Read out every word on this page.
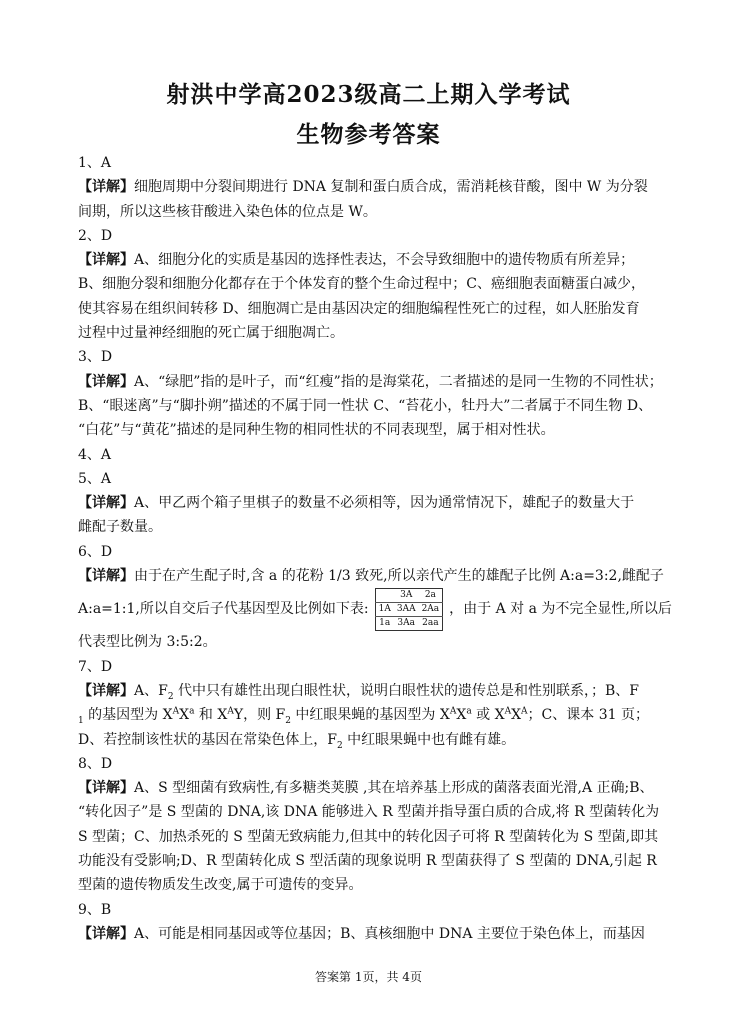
射洪中学高2023级高二上期入学考试
生物参考答案
1、A
【详解】细胞周期中分裂间期进行 DNA 复制和蛋白质合成，需消耗核苷酸，图中 W 为分裂
间期，所以这些核苷酸进入染色体的位点是 W。
2、D
【详解】A、细胞分化的实质是基因的选择性表达，不会导致细胞中的遗传物质有所差异；
B、细胞分裂和细胞分化都存在于个体发育的整个生命过程中；C、癌细胞表面糖蛋白减少，
使其容易在组织间转移 D、细胞凋亡是由基因决定的细胞编程性死亡的过程，如人胚胎发育
过程中过量神经细胞的死亡属于细胞凋亡。
3、D
【详解】A、“绿肥”指的是叶子，而“红瘦”指的是海棠花，二者描述的是同一生物的不同性状；
B、“眼迷离”与“脚扑朔”描述的不属于同一性状 C、“苔花小，牡丹大”二者属于不同生物 D、
“白花”与“黄花”描述的是同种生物的相同性状的不同表现型，属于相对性状。
4、A
5、A
【详解】A、甲乙两个箱子里棋子的数量不必须相等，因为通常情况下，雄配子的数量大于
雌配子数量。
6、D
【详解】由于在产生配子时,含 a 的花粉 1/3 致死,所以亲代产生的雄配子比例 A:a=3:2,雌配子
A:a=1:1,所以自交后子代基因型及比例如下表:
	3A	2a
1A	3AA	2Aa
1a	3Aa	2aa
，由于 A 对 a 为不完全显性,所以后
代表型比例为 3:5:2。
7、D
【详解】A、$F_2$ 代中只有雄性出现白眼性状，说明白眼性状的遗传总是和性别联系，；B、F
$_1$ 的基因型为 $X^AX^a$ 和 $X^AY$，则 $F_2$ 中红眼果蝇的基因型为 $X^AX^a$ 或 $X^AX^A$；C、课本 31 页；
D、若控制该性状的基因在常染色体上，$F_2$ 中红眼果蝇中也有雌有雄。
8、D
【详解】A、S 型细菌有致病性,有多糖类荚膜 ,其在培养基上形成的菌落表面光滑,A 正确;B、
“转化因子”是 S 型菌的 DNA,该 DNA 能够进入 R 型菌并指导蛋白质的合成,将 R 型菌转化为
S 型菌；C、加热杀死的 S 型菌无致病能力,但其中的转化因子可将 R 型菌转化为 S 型菌,即其
功能没有受影响;D、R 型菌转化成 S 型活菌的现象说明 R 型菌获得了 S 型菌的 DNA,引起 R
型菌的遗传物质发生改变,属于可遗传的变异。
9、B
【详解】A、可能是相同基因或等位基因；B、真核细胞中 DNA 主要位于染色体上，而基因
答案第 1页，共 4页
